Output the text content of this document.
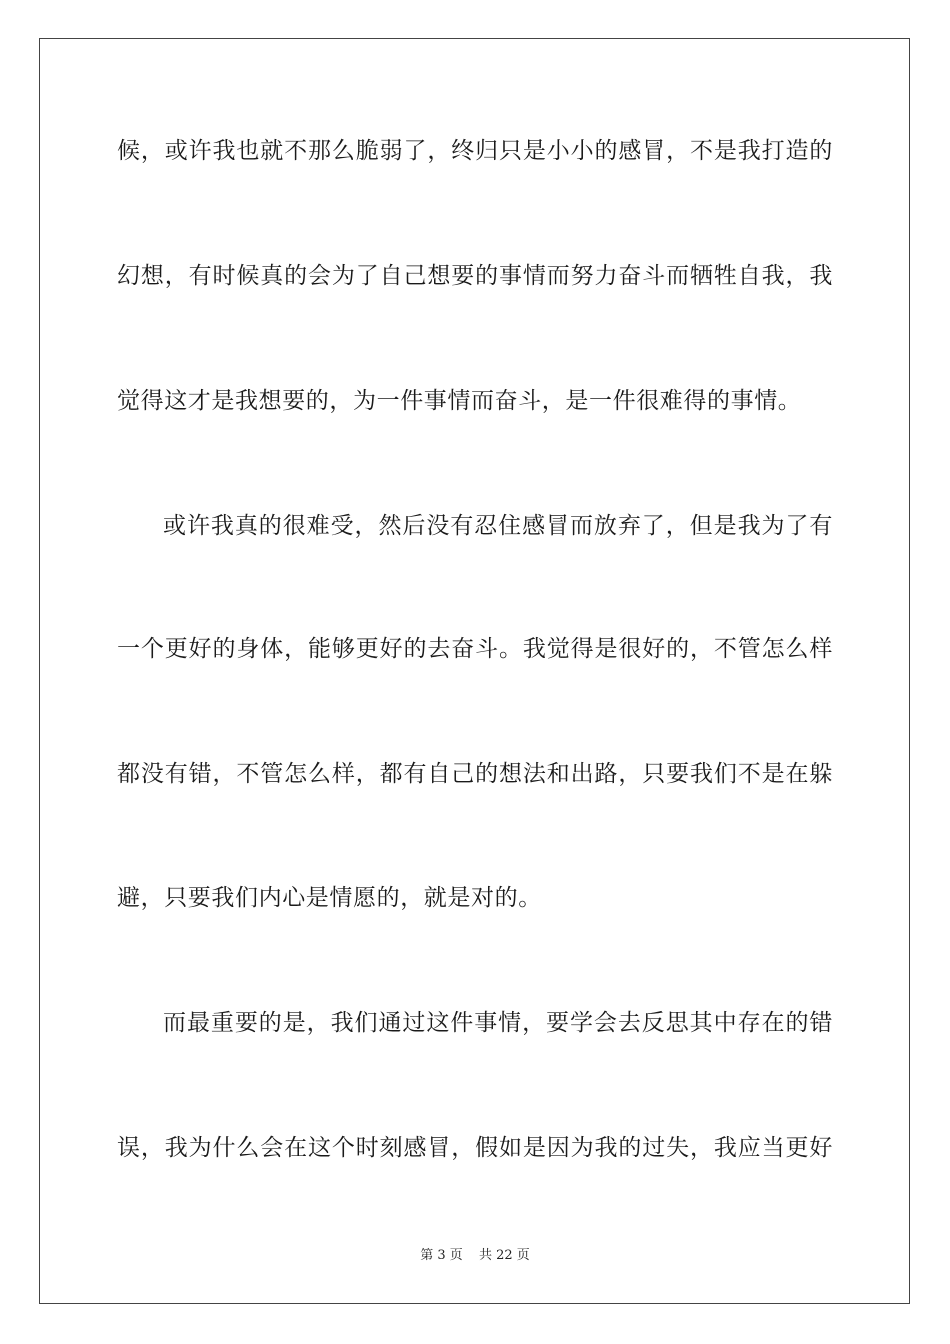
候，或许我也就不那么脆弱了，终归只是小小的感冒，不是我打造的
幻想，有时候真的会为了自己想要的事情而努力奋斗而牺牲自我，我
觉得这才是我想要的，为一件事情而奋斗，是一件很难得的事情。
或许我真的很难受，然后没有忍住感冒而放弃了，但是我为了有
一个更好的身体，能够更好的去奋斗。我觉得是很好的，不管怎么样
都没有错，不管怎么样，都有自己的想法和出路，只要我们不是在躲
避，只要我们内心是情愿的，就是对的。
而最重要的是，我们通过这件事情，要学会去反思其中存在的错
误，我为什么会在这个时刻感冒，假如是因为我的过失，我应当更好
第 3 页 共 22 页
